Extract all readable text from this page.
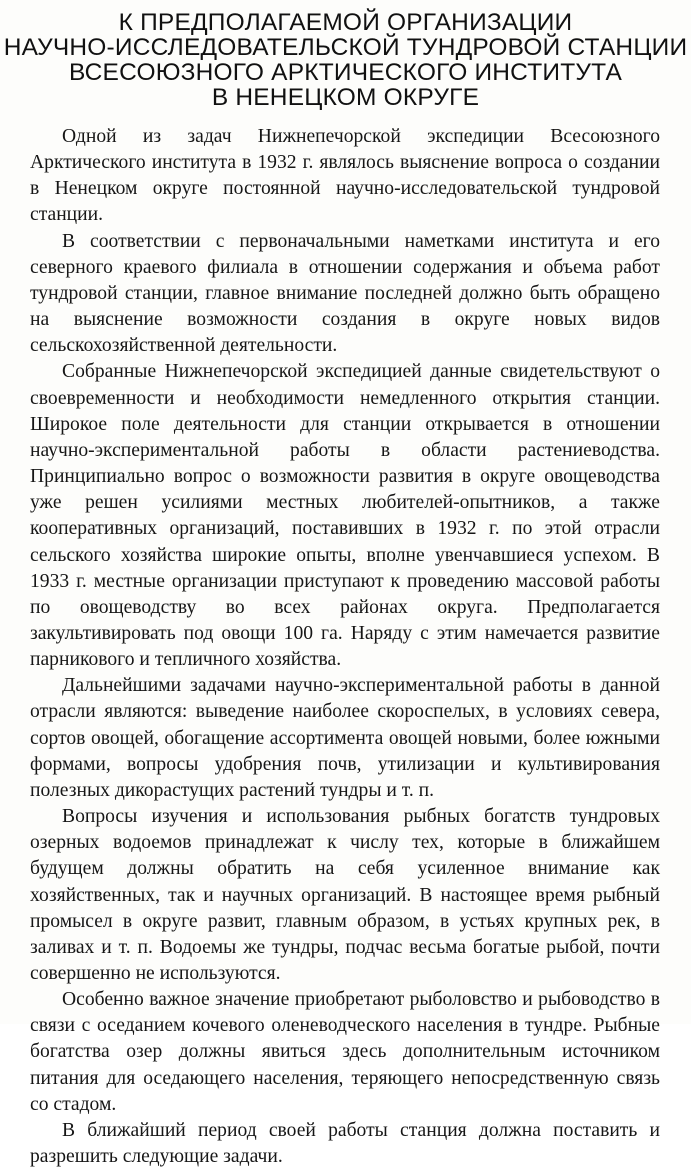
К ПРЕДПОЛАГАЕМОЙ ОРГАНИЗАЦИИ
НАУЧНО-ИССЛЕДОВАТЕЛЬСКОЙ ТУНДРОВОЙ СТАНЦИИ
ВСЕСОЮЗНОГО АРКТИЧЕСКОГО ИНСТИТУТА
В НЕНЕЦКОМ ОКРУГЕ

Одной из задач Нижнепечорской экспедиции Всесоюзного Арктического института в 1932 г. являлось выяснение вопроса о создании в Ненецком округе постоянной научно-исследовательской тундровой станции.

В соответствии с первоначальными наметками института и его северного краевого филиала в отношении содержания и объема работ тундровой станции, главное внимание последней должно быть обращено на выяснение возможности создания в округе новых видов сельскохозяйственной деятельности.

Собранные Нижнепечорской экспедицией данные свидетельствуют о своевременности и необходимости немедленного открытия станции. Широкое поле деятельности для станции открывается в отношении научно-экспериментальной работы в области растениеводства. Принципиально вопрос о возможности развития в округе овощеводства уже решен усилиями местных любителей-опытников, а также кооперативных организаций, поставивших в 1932 г. по этой отрасли сельского хозяйства широкие опыты, вполне увенчавшиеся успехом. В 1933 г. местные организации приступают к проведению массовой работы по овощеводству во всех районах округа. Предполагается закультивировать под овощи 100 га. Наряду с этим намечается развитие парникового и тепличного хозяйства.

Дальнейшими задачами научно-экспериментальной работы в данной отрасли являются: выведение наиболее скороспелых, в условиях севера, сортов овощей, обогащение ассортимента овощей новыми, более южными формами, вопросы удобрения почв, утилизации и культивирования полезных дикорастущих растений тундры и т. п.

Вопросы изучения и использования рыбных богатств тундровых озерных водоемов принадлежат к числу тех, которые в ближайшем будущем должны обратить на себя усиленное внимание как хозяйственных, так и научных организаций. В настоящее время рыбный промысел в округе развит, главным образом, в устьях крупных рек, в заливах и т. п. Водоемы же тундры, подчас весьма богатые рыбой, почти совершенно не используются.

Особенно важное значение приобретают рыболовство и рыбоводство в связи с оседанием кочевого оленеводческого населения в тундре. Рыбные богатства озер должны явиться здесь дополнительным источником питания для оседающего населения, теряющего непосредственную связь со стадом.

В ближайший период своей работы станция должна поставить и разрешить следующие задачи.
